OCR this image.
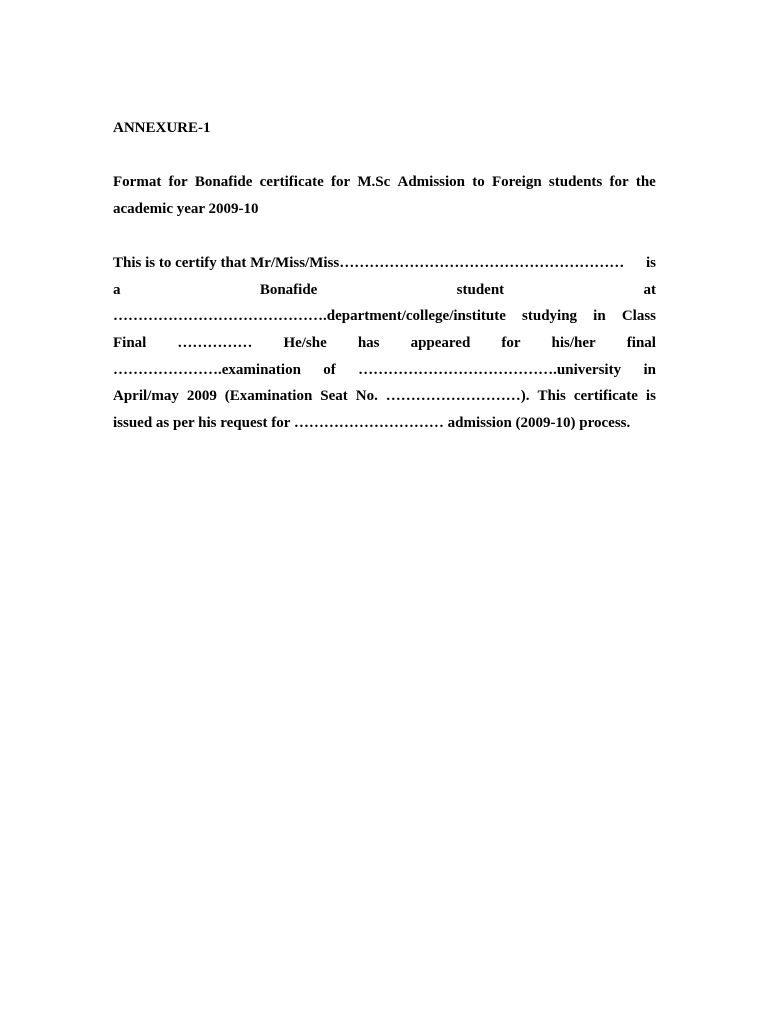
ANNEXURE-1
Format for Bonafide certificate for M.Sc Admission to Foreign students for the
academic year 2009-10
This is to certify that Mr/Miss/Miss………………………………………………… is
a	Bonafide	student	at
…………………………………….department/college/institute studying in Class
Final …………… He/she has appeared for his/her final
………………….examination of ………………………………….university in
April/may 2009 (Examination Seat No. ………………………). This certificate is
issued as per his request for ………………………… admission (2009-10) process.
